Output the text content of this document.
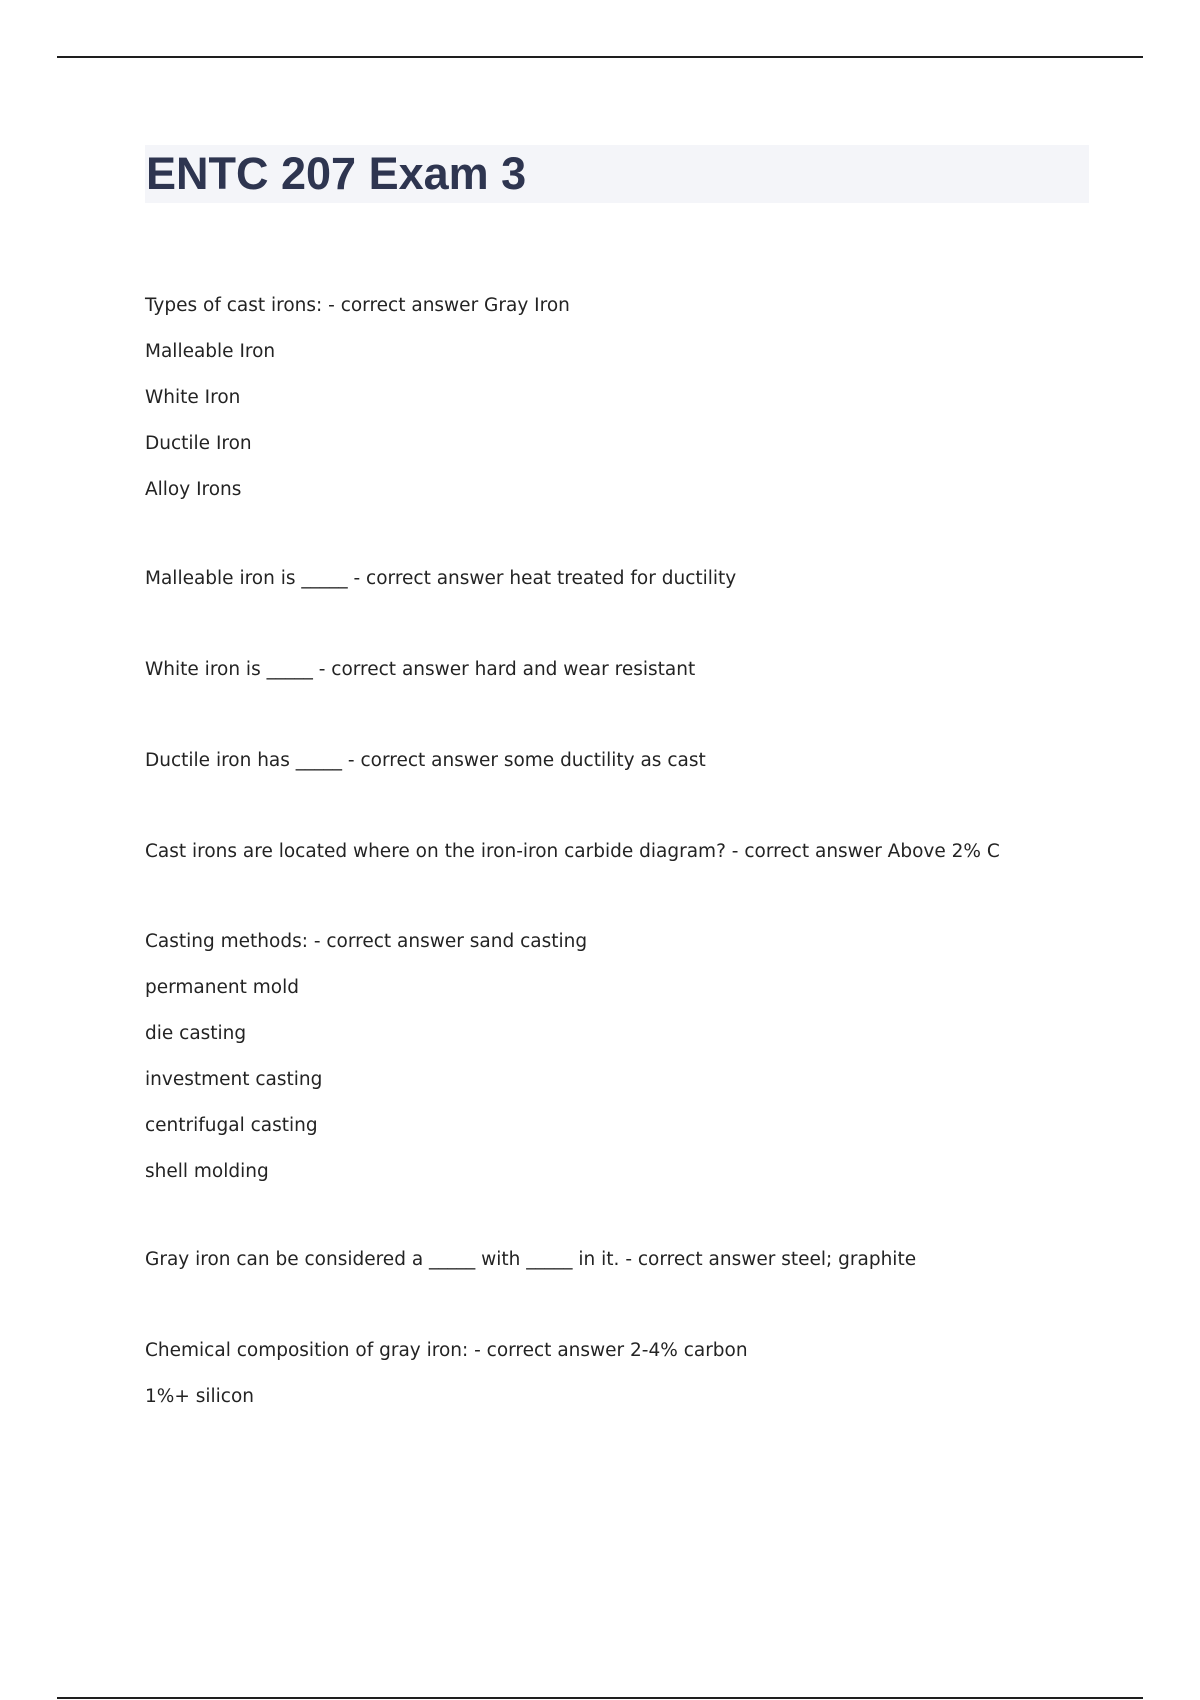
ENTC 207 Exam 3

Types of cast irons: - correct answer Gray Iron

Malleable Iron

White Iron

Ductile Iron

Alloy Irons

Malleable iron is _____ - correct answer heat treated for ductility

White iron is _____ - correct answer hard and wear resistant

Ductile iron has _____ - correct answer some ductility as cast

Cast irons are located where on the iron-iron carbide diagram? - correct answer Above 2% C

Casting methods: - correct answer sand casting

permanent mold

die casting

investment casting

centrifugal casting

shell molding

Gray iron can be considered a _____ with _____ in it. - correct answer steel; graphite

Chemical composition of gray iron: - correct answer 2-4% carbon

1%+ silicon
